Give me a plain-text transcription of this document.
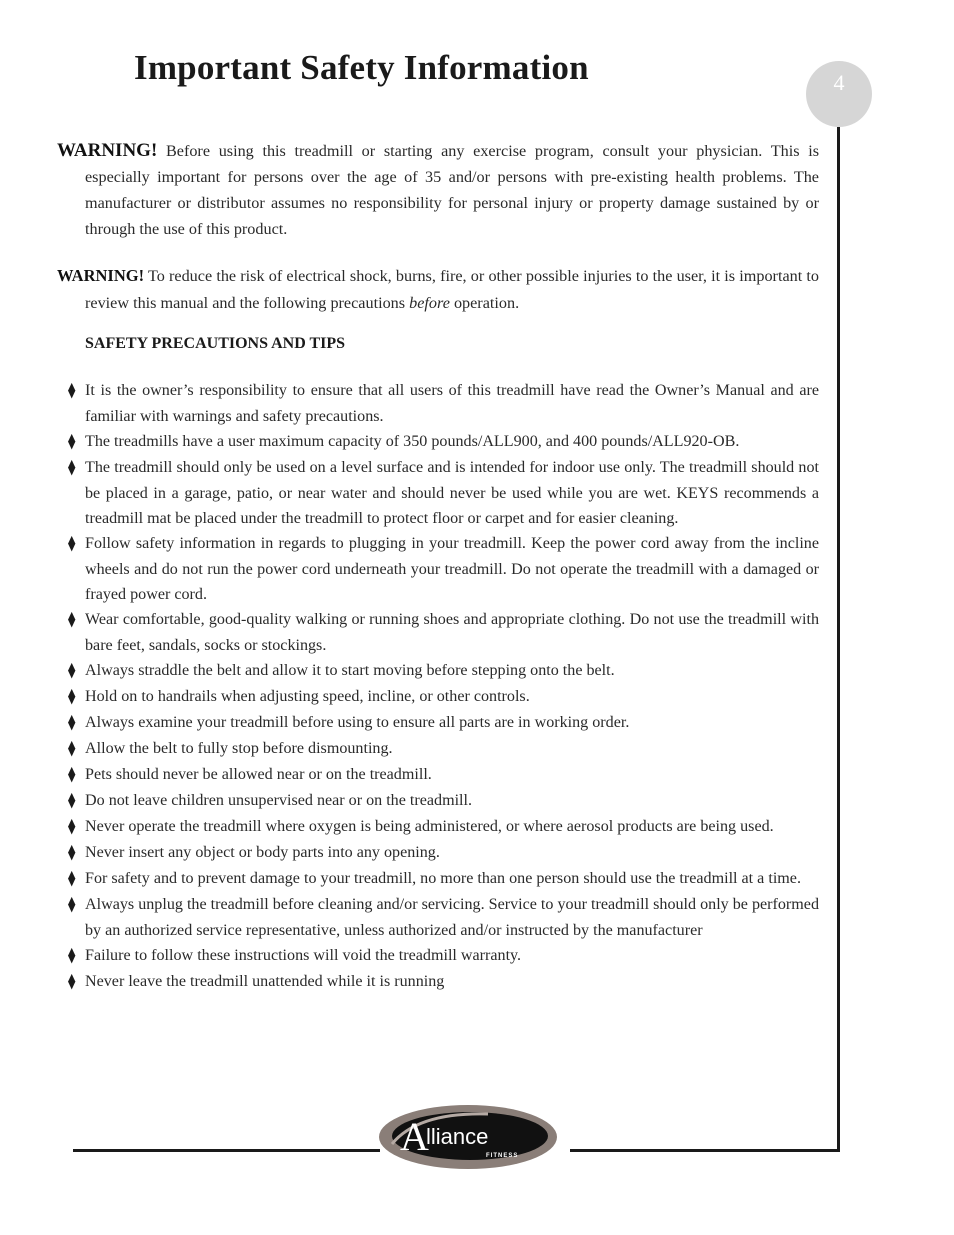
Important Safety Information	4

WARNING! Before using this treadmill or starting any exercise program, consult your physician. This is especially important for persons over the age of 35 and/or persons with pre-existing health problems. The manufacturer or distributor assumes no responsibility for personal injury or property damage sustained by or through the use of this product.

WARNING! To reduce the risk of electrical shock, burns, fire, or other possible injuries to the user, it is important to review this manual and the following precautions before operation.

SAFETY PRECAUTIONS AND TIPS
⧫ It is the owner’s responsibility to ensure that all users of this treadmill have read the Owner’s Manual and are familiar with warnings and safety precautions.
⧫ The treadmills have a user maximum capacity of 350 pounds/ALL900, and 400 pounds/ALL920-OB.
⧫ The treadmill should only be used on a level surface and is intended for indoor use only. The treadmill should not be placed in a garage, patio, or near water and should never be used while you are wet. KEYS recommends a treadmill mat be placed under the treadmill to protect floor or carpet and for easier cleaning.
⧫ Follow safety information in regards to plugging in your treadmill. Keep the power cord away from the incline wheels and do not run the power cord underneath your treadmill. Do not operate the treadmill with a damaged or frayed power cord.
⧫ Wear comfortable, good-quality walking or running shoes and appropriate clothing. Do not use the treadmill with bare feet, sandals, socks or stockings.
⧫ Always straddle the belt and allow it to start moving before stepping onto the belt.
⧫ Hold on to handrails when adjusting speed, incline, or other controls.
⧫ Always examine your treadmill before using to ensure all parts are in working order.
⧫ Allow the belt to fully stop before dismounting.
⧫ Pets should never be allowed near or on the treadmill.
⧫ Do not leave children unsupervised near or on the treadmill.
⧫ Never operate the treadmill where oxygen is being administered, or where aerosol products are being used.
⧫ Never insert any object or body parts into any opening.
⧫ For safety and to prevent damage to your treadmill, no more than one person should use the treadmill at a time.
⧫ Always unplug the treadmill before cleaning and/or servicing. Service to your treadmill should only be performed by an authorized service representative, unless authorized and/or instructed by the manufacturer
⧫ Failure to follow these instructions will void the treadmill warranty.
⧫ Never leave the treadmill unattended while it is running
A
lliance
FITNESS
